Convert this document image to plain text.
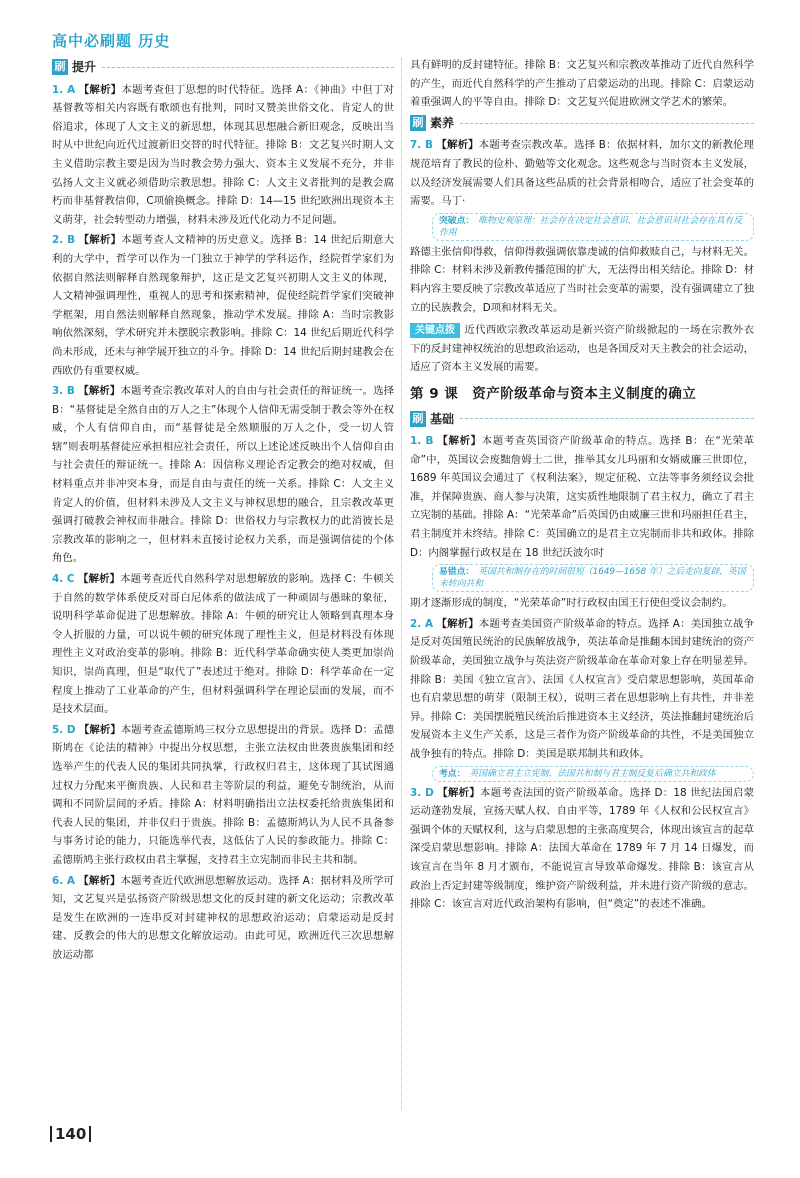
高中必刷题 历史
刷 提升
1. A 【解析】本题考查但丁思想的时代特征。选择 A：《神曲》中但丁对基督教等相关内容既有歌颂也有批判，同时又赞美世俗文化、肯定人的世俗追求，体现了人文主义的新思想，体现其思想融合新旧观念，反映出当时从中世纪向近代过渡新旧交替的时代特征。排除 B：文艺复兴时期人文主义借助宗教主要是因为当时教会势力强大、资本主义发展不充分，并非弘扬人文主义就必须借助宗教思想。排除 C：人文主义者批判的是教会腐朽而非基督教信仰，C项偷换概念。排除 D：14—15 世纪欧洲出现资本主义萌芽，社会转型动力增强，材料未涉及近代化动力不足问题。
2. B 【解析】本题考查人文精神的历史意义。选择 B：14 世纪后期意大利的大学中，哲学可以作为一门独立于神学的学科运作，经院哲学家们为依据自然法则解释自然现象辩护，这正是文艺复兴初期人文主义的体现，人文精神强调理性，重视人的思考和探索精神，促使经院哲学家们突破神学框架，用自然法则解释自然现象，推动学术发展。排除 A：当时宗教影响依然深刻，学术研究并未摆脱宗教影响。排除 C：14 世纪后期近代科学尚未形成，还未与神学展开独立的斗争。排除 D：14 世纪后期封建教会在西欧仍有重要权威。
3. B 【解析】本题考查宗教改革对人的自由与社会责任的辩证统一。选择 B：“基督徒是全然自由的万人之主”体现个人信仰无需受制于教会等外在权威，个人有信仰自由，而“基督徒是全然顺服的万人之仆，受一切人管辖”则表明基督徒应承担相应社会责任，所以上述论述反映出个人信仰自由与社会责任的辩证统一。排除 A：因信称义理论否定教会的绝对权威，但材料重点并非冲突本身，而是自由与责任的统一关系。排除 C：人文主义肯定人的价值，但材料未涉及人文主义与神权思想的融合，且宗教改革更强调打破教会神权而非融合。排除 D：世俗权力与宗教权力的此消彼长是宗教改革的影响之一，但材料未直接讨论权力关系，而是强调信徒的个体角色。
4. C 【解析】本题考查近代自然科学对思想解放的影响。选择 C：牛顿关于自然的数学体系使反对哥白尼体系的做法成了一种顽固与愚昧的象征，说明科学革命促进了思想解放。排除 A：牛顿的研究让人领略到真理本身令人折服的力量，可以说牛顿的研究体现了理性主义，但是材料没有体现理性主义对政治变革的影响。排除 B：近代科学革命确实使人类更加崇尚知识，崇尚真理，但是“取代了”表述过于绝对。排除 D：科学革命在一定程度上推动了工业革命的产生，但材料强调科学在理论层面的发展，而不是技术层面。
5. D 【解析】本题考查孟德斯鸠三权分立思想提出的背景。选择 D：孟德斯鸠在《论法的精神》中提出分权思想，主张立法权由世袭贵族集团和经选举产生的代表人民的集团共同执掌，行政权归君主，这体现了其试图通过权力分配来平衡贵族、人民和君主等阶层的利益，避免专制统治，从而调和不同阶层间的矛盾。排除 A：材料明确指出立法权委托给贵族集团和代表人民的集团，并非仅归于贵族。排除 B：孟德斯鸠认为人民不具备参与事务讨论的能力，只能选举代表，这低估了人民的参政能力。排除 C：孟德斯鸠主张行政权由君主掌握，支持君主立宪制而非民主共和制。
6. A 【解析】本题考查近代欧洲思想解放运动。选择 A：据材料及所学可知，文艺复兴是弘扬资产阶级思想文化的反封建的新文化运动；宗教改革是发生在欧洲的一连串反对封建神权的思想政治运动；启蒙运动是反封建、反教会的伟大的思想文化解放运动。由此可见，欧洲近代三次思想解放运动都
140
具有鲜明的反封建特征。排除 B：文艺复兴和宗教改革推动了近代自然科学的产生，而近代自然科学的产生推动了启蒙运动的出现。排除 C：启蒙运动着重强调人的平等自由。排除 D：文艺复兴促进欧洲文学艺术的繁荣。
刷 素养
7. B 【解析】本题考查宗教改革。选择 B：依据材料，加尔文的新教伦理规范培育了教民的俭朴、勤勉等文化观念。这些观念与当时资本主义发展，以及经济发展需要人们具备这些品质的社会背景相吻合，适应了社会变革的需要。马丁·
突破点： 唯物史观原理：社会存在决定社会意识，社会意识对社会存在具有反作用
路德主张信仰得救，信仰得救强调依靠虔诚的信仰救赎自己，与材料无关。排除 C：材料未涉及新教传播范围的扩大，无法得出相关结论。排除 D：材料内容主要反映了宗教改革适应了当时社会变革的需要，没有强调建立了独立的民族教会，D项和材料无关。
关键点拨 近代西欧宗教改革运动是新兴资产阶级掀起的一场在宗教外衣下的反封建神权统治的思想政治运动，也是各国反对天主教会的社会运动，适应了资本主义发展的需要。
第 9 课　资产阶级革命与资本主义制度的确立
刷 基础
1. B 【解析】本题考查英国资产阶级革命的特点。选择 B：在“光荣革命”中，英国议会废黜詹姆士二世，推举其女儿玛丽和女婿威廉三世即位，1689 年英国议会通过了《权利法案》，规定征税、立法等事务须经议会批准，并保障贵族、商人参与决策，这实质性地限制了君主权力，确立了君主立宪制的基础。排除 A：“光荣革命”后英国仍由威廉三世和玛丽担任君主，君主制度并未终结。排除 C：英国确立的是君主立宪制而非共和政体。排除 D：内阁掌握行政权是在 18 世纪沃波尔时
易错点： 英国共和制存在的时间很短（1649—1658 年）之后走向复辟，英国未转向共和
期才逐渐形成的制度，“光荣革命”时行政权由国王行使但受议会制约。
2. A 【解析】本题考查美国资产阶级革命的特点。选择 A：美国独立战争是反对英国殖民统治的民族解放战争，英法革命是推翻本国封建统治的资产阶级革命，美国独立战争与英法资产阶级革命在革命对象上存在明显差异。排除 B：美国《独立宣言》、法国《人权宣言》受启蒙思想影响，英国革命也有启蒙思想的萌芽（限制王权），说明三者在思想影响上有共性，并非差异。排除 C：美国摆脱殖民统治后推进资本主义经济，英法推翻封建统治后发展资本主义生产关系，这是三者作为资产阶级革命的共性，不是美国独立战争独有的特点。排除 D：美国是联邦制共和政体。
考点： 英国确立君主立宪制，法国共和制与君主制反复后确立共和政体
3. D 【解析】本题考查法国的资产阶级革命。选择 D：18 世纪法国启蒙运动蓬勃发展，宣扬天赋人权、自由平等，1789 年《人权和公民权宣言》强调个体的天赋权利，这与启蒙思想的主张高度契合，体现出该宣言的起草深受启蒙思想影响。排除 A：法国大革命在 1789 年 7 月 14 日爆发，而该宣言在当年 8 月才颁布，不能说宣言导致革命爆发。排除 B：该宣言从政治上否定封建等级制度，维护资产阶级利益，并未进行资产阶级的意志。排除 C：该宣言对近代政治架构有影响，但“奠定”的表述不准确。
